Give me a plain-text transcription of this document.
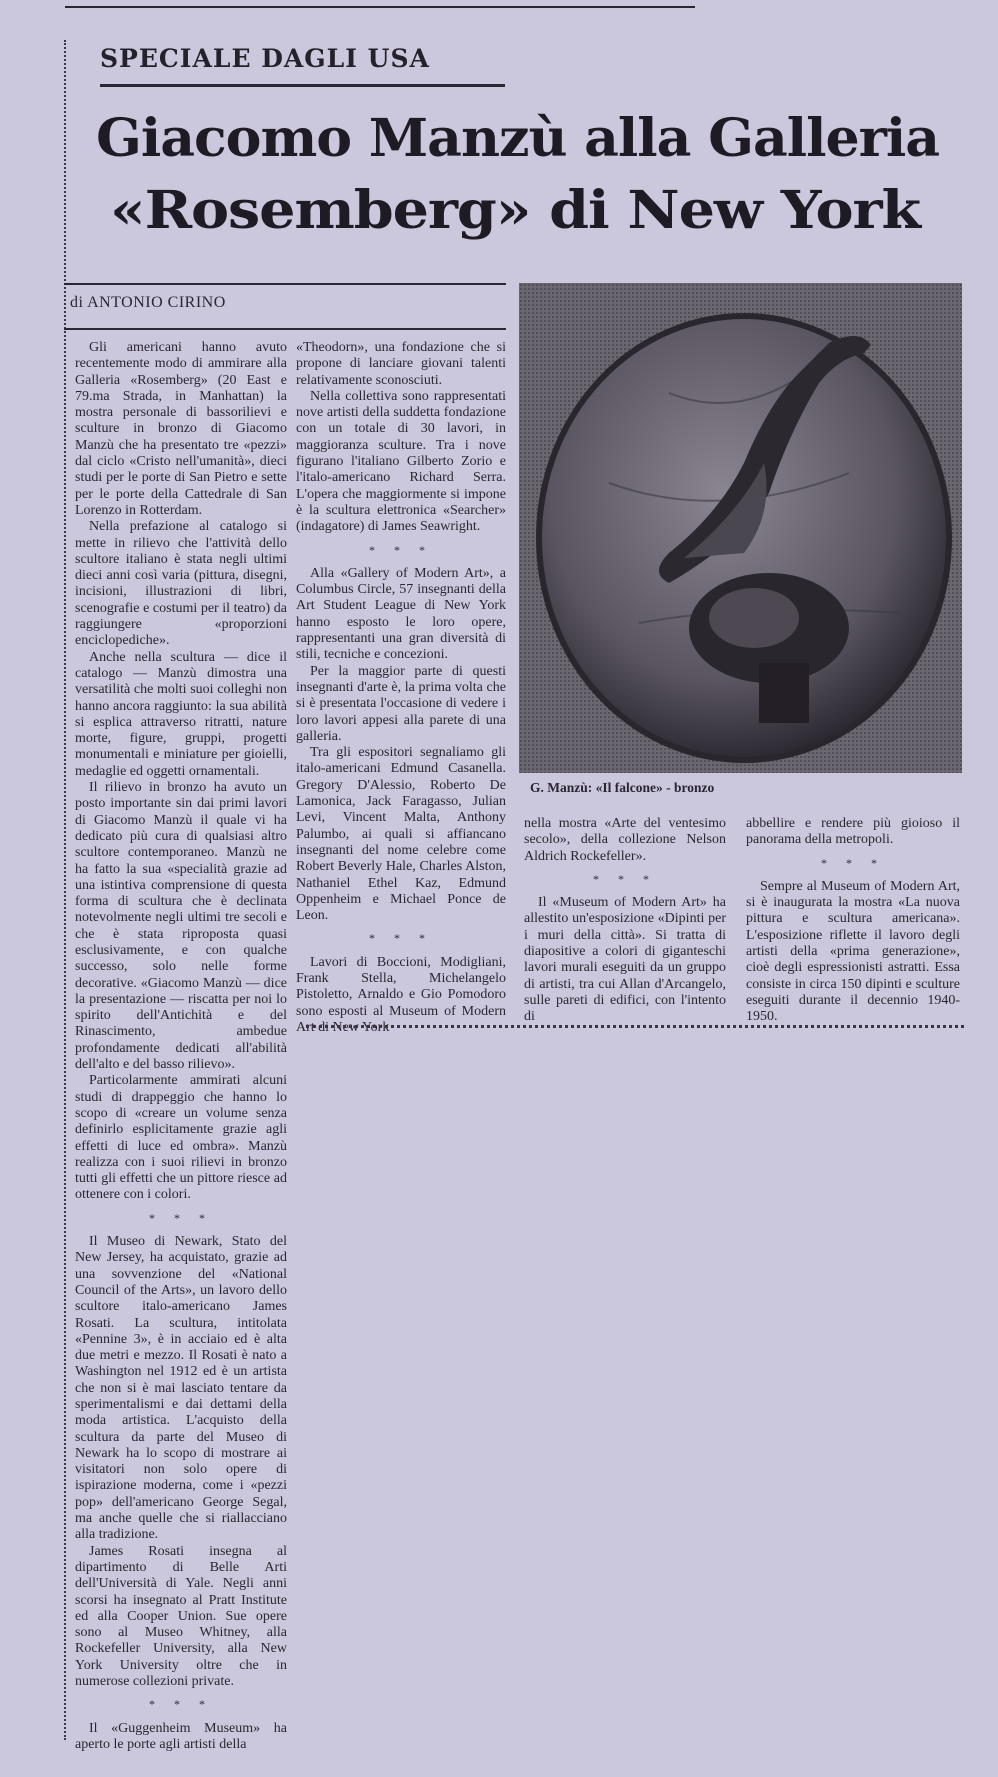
SPECIALE DAGLI USA
Giacomo Manzù alla Galleria
«Rosemberg» di New York
di ANTONIO CIRINO
G. Manzù: «Il falcone» - bronzo

Gli americani hanno avuto recentemente modo di ammirare alla Galleria «Rosemberg» (20 East e 79.ma Strada, in Manhattan) la mostra personale di bassorilievi e sculture in bronzo di Giacomo Manzù che ha presentato tre «pezzi» dal ciclo «Cristo nell'umanità», dieci studi per le porte di San Pietro e sette per le porte della Cattedrale di San Lorenzo in Rotterdam.

Nella prefazione al catalogo si mette in rilievo che l'attività dello scultore italiano è stata negli ultimi dieci anni così varia (pittura, disegni, incisioni, illustrazioni di libri, scenografie e costumi per il teatro) da raggiungere «proporzioni enciclopediche».

Anche nella scultura — dice il catalogo — Manzù dimostra una versatilità che molti suoi colleghi non hanno ancora raggiunto: la sua abilità si esplica attraverso ritratti, nature morte, figure, gruppi, progetti monumentali e miniature per gioielli, medaglie ed oggetti ornamentali.

Il rilievo in bronzo ha avuto un posto importante sin dai primi lavori di Giacomo Manzù il quale vi ha dedicato più cura di qualsiasi altro scultore contemporaneo. Manzù ne ha fatto la sua «specialità grazie ad una istintiva comprensione di questa forma di scultura che è declinata notevolmente negli ultimi tre secoli e che è stata riproposta quasi esclusivamente, e con qualche successo, solo nelle forme decorative. «Giacomo Manzù — dice la presentazione — riscatta per noi lo spirito dell'Antichità e del Rinascimento, ambedue profondamente dedicati all'abilità dell'alto e del basso rilievo».

Particolarmente ammirati alcuni studi di drappeggio che hanno lo scopo di «creare un volume senza definirlo esplicitamente grazie agli effetti di luce ed ombra». Manzù realizza con i suoi rilievi in bronzo tutti gli effetti che un pittore riesce ad ottenere con i colori.

* * *

Il Museo di Newark, Stato del New Jersey, ha acquistato, grazie ad una sovvenzione del «National Council of the Arts», un lavoro dello scultore italo-americano James Rosati. La scultura, intitolata «Pennine 3», è in acciaio ed è alta due metri e mezzo. Il Rosati è nato a Washington nel 1912 ed è un artista che non si è mai lasciato tentare da sperimentalismi e dai dettami della moda artistica. L'acquisto della scultura da parte del Museo di Newark ha lo scopo di mostrare ai visitatori non solo opere di ispirazione moderna, come i «pezzi pop» dell'americano George Segal, ma anche quelle che si riallacciano alla tradizione.

James Rosati insegna al dipartimento di Belle Arti dell'Università di Yale. Negli anni scorsi ha insegnato al Pratt Institute ed alla Cooper Union. Sue opere sono al Museo Whitney, alla Rockefeller University, alla New York University oltre che in numerose collezioni private.

* * *

Il «Guggenheim Museum» ha aperto le porte agli artisti della

«Theodorn», una fondazione che si propone di lanciare giovani talenti relativamente sconosciuti.

Nella collettiva sono rappresentati nove artisti della suddetta fondazione con un totale di 30 lavori, in maggioranza sculture. Tra i nove figurano l'italiano Gilberto Zorio e l'italo-americano Richard Serra. L'opera che maggiormente si impone è la scultura elettronica «Searcher» (indagatore) di James Seawright.

* * *

Alla «Gallery of Modern Art», a Columbus Circle, 57 insegnanti della Art Student League di New York hanno esposto le loro opere, rappresentanti una gran diversità di stili, tecniche e concezioni.

Per la maggior parte di questi insegnanti d'arte è, la prima volta che si è presentata l'occasione di vedere i loro lavori appesi alla parete di una galleria.

Tra gli espositori segnaliamo gli italo-americani Edmund Casanella. Gregory D'Alessio, Roberto De Lamonica, Jack Faragasso, Julian Levi, Vincent Malta, Anthony Palumbo, ai quali si affiancano insegnanti del nome celebre come Robert Beverly Hale, Charles Alston, Nathaniel Ethel Kaz, Edmund Oppenheim e Michael Ponce de Leon.

* * *

Lavori di Boccioni, Modigliani, Frank Stella, Michelangelo Pistoletto, Arnaldo e Gio Pomodoro sono esposti al Museum of Modern Art di New York

nella mostra «Arte del ventesimo secolo», della collezione Nelson Aldrich Rockefeller».

* * *

Il «Museum of Modern Art» ha allestito un'esposizione «Dipinti per i muri della città». Si tratta di diapositive a colori di giganteschi lavori murali eseguiti da un gruppo di artisti, tra cui Allan d'Arcangelo, sulle pareti di edifici, con l'intento di

abbellire e rendere più gioioso il panorama della metropoli.

* * *

Sempre al Museum of Modern Art, si è inaugurata la mostra «La nuova pittura e scultura americana». L'esposizione riflette il lavoro degli artisti della «prima generazione», cioè degli espressionisti astratti. Essa consiste in circa 150 dipinti e sculture eseguiti durante il decennio 1940-1950.
